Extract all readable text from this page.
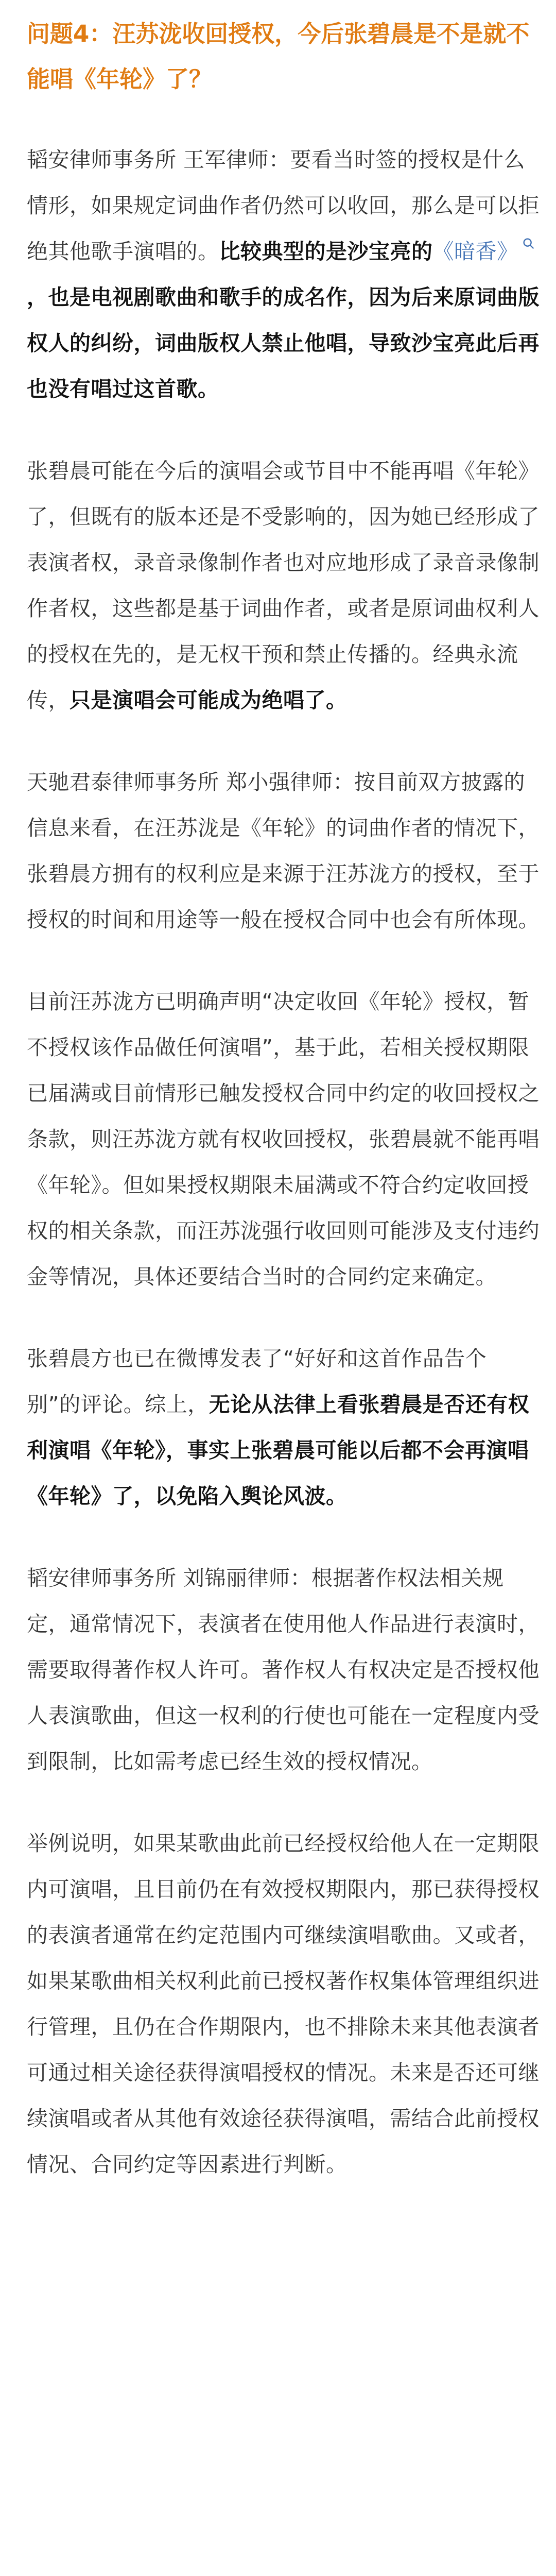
问题4：汪苏泷收回授权，今后张碧晨是不是就不能唱《年轮》了？
韬安律师事务所 王军律师：要看当时签的授权是什么情形，如果规定词曲作者仍然可以收回，那么是可以拒绝其他歌手演唱的。比较典型的是沙宝亮的《暗香》，也是电视剧歌曲和歌手的成名作，因为后来原词曲版权人的纠纷，词曲版权人禁止他唱，导致沙宝亮此后再也没有唱过这首歌。
张碧晨可能在今后的演唱会或节目中不能再唱《年轮》了，但既有的版本还是不受影响的，因为她已经形成了表演者权，录音录像制作者也对应地形成了录音录像制作者权，这些都是基于词曲作者，或者是原词曲权利人的授权在先的，是无权干预和禁止传播的。经典永流传，只是演唱会可能成为绝唱了。
天驰君泰律师事务所 郑小强律师：按目前双方披露的信息来看，在汪苏泷是《年轮》的词曲作者的情况下，张碧晨方拥有的权利应是来源于汪苏泷方的授权，至于授权的时间和用途等一般在授权合同中也会有所体现。
目前汪苏泷方已明确声明“决定收回《年轮》授权，暂不授权该作品做任何演唱”，基于此，若相关授权期限已届满或目前情形已触发授权合同中约定的收回授权之条款，则汪苏泷方就有权收回授权，张碧晨就不能再唱《年轮》。但如果授权期限未届满或不符合约定收回授权的相关条款，而汪苏泷强行收回则可能涉及支付违约金等情况，具体还要结合当时的合同约定来确定。
张碧晨方也已在微博发表了“好好和这首作品告个别”的评论。综上，无论从法律上看张碧晨是否还有权利演唱《年轮》，事实上张碧晨可能以后都不会再演唱《年轮》了，以免陷入舆论风波。
韬安律师事务所 刘锦丽律师：根据著作权法相关规定，通常情况下，表演者在使用他人作品进行表演时，需要取得著作权人许可。著作权人有权决定是否授权他人表演歌曲，但这一权利的行使也可能在一定程度内受到限制，比如需考虑已经生效的授权情况。
举例说明，如果某歌曲此前已经授权给他人在一定期限内可演唱，且目前仍在有效授权期限内，那已获得授权的表演者通常在约定范围内可继续演唱歌曲。又或者，如果某歌曲相关权利此前已授权著作权集体管理组织进行管理，且仍在合作期限内，也不排除未来其他表演者可通过相关途径获得演唱授权的情况。未来是否还可继续演唱或者从其他有效途径获得演唱，需结合此前授权情况、合同约定等因素进行判断。
